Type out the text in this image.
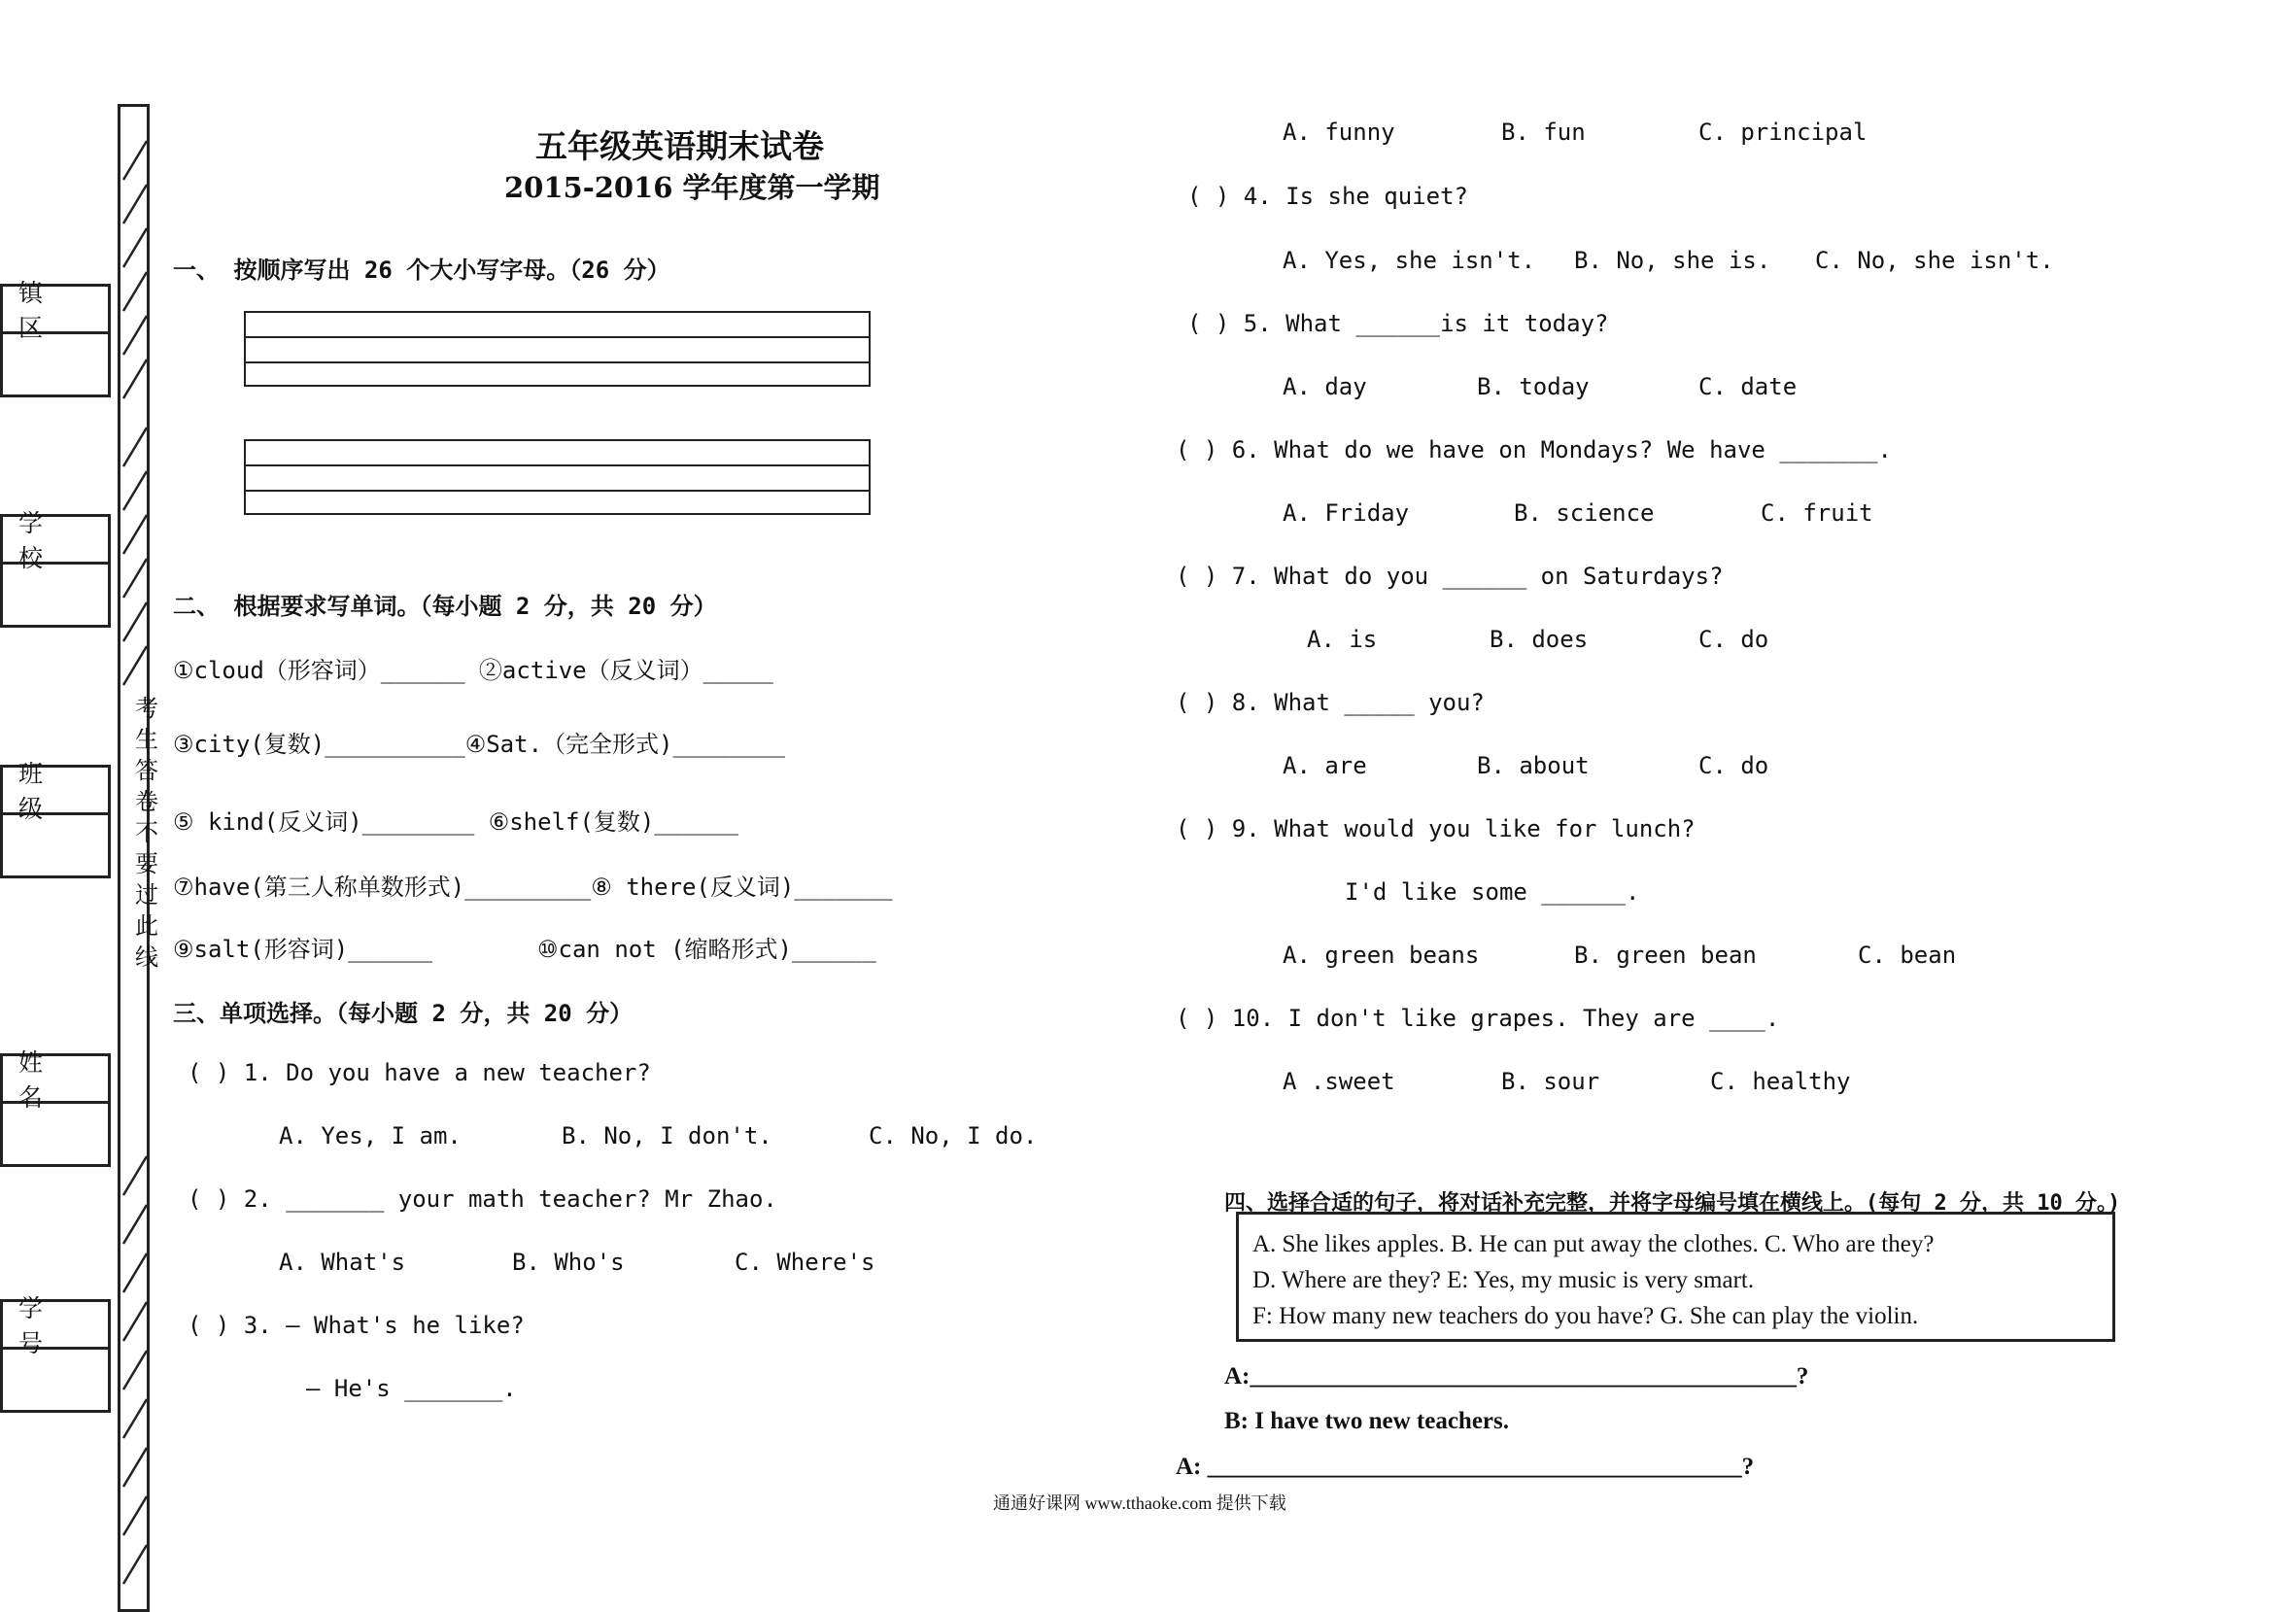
镇区
学校
班级
姓名
学号
考生答卷不要过此线
五年级英语期末试卷
2015-2016 学年度第一学期
一、 按顺序写出 26 个大小写字母。（26 分）
二、 根据要求写单词。（每小题 2 分，共 20 分）
①cloud（形容词）______ ②active（反义词）_____
③city(复数)__________④Sat.（完全形式)________
⑤ kind(反义词)________ ⑥shelf(复数)______
⑦have(第三人称单数形式)_________⑧ there(反义词)_______
⑨salt(形容词)______	⑩can not (缩略形式)______
三、单项选择。（每小题 2 分，共 20 分）
( ) 1. Do you have a new teacher?
A. Yes, I am.	B. No, I don't.	C. No, I do.
( ) 2. _______ your math teacher? Mr Zhao.
A. What's	B. Who's	C. Where's
( ) 3. — What's he like?
— He's _______.
A. funny	B. fun	C. principal
( ) 4. Is she quiet?
A. Yes, she isn't. B. No, she is. C. No, she isn't.
( ) 5. What ______is it today?
A. day	B. today	C. date
( ) 6. What do we have on Mondays? We have _______.
A. Friday	B. science	C. fruit
( ) 7. What do you ______ on Saturdays?
A. is	B. does	C. do
( ) 8. What _____ you?
A. are	B. about	C. do
( ) 9. What would you like for lunch?
I'd like some ______.
A. green beans	B. green bean	C. bean
( ) 10. I don't like grapes. They are ____.
A .sweet	B. sour	C. healthy
四、选择合适的句子，将对话补充完整，并将字母编号填在横线上。(每句 2 分，共 10 分。)
A. She likes apples. B. He can put away the clothes. C. Who are they?
D. Where are they? E: Yes, my music is very smart.
F: How many new teachers do you have? G. She can play the violin.
A:_____________________________________________?
B: I have two new teachers.
A: ____________________________________________?
通通好课网 www.tthaoke.com 提供下载
